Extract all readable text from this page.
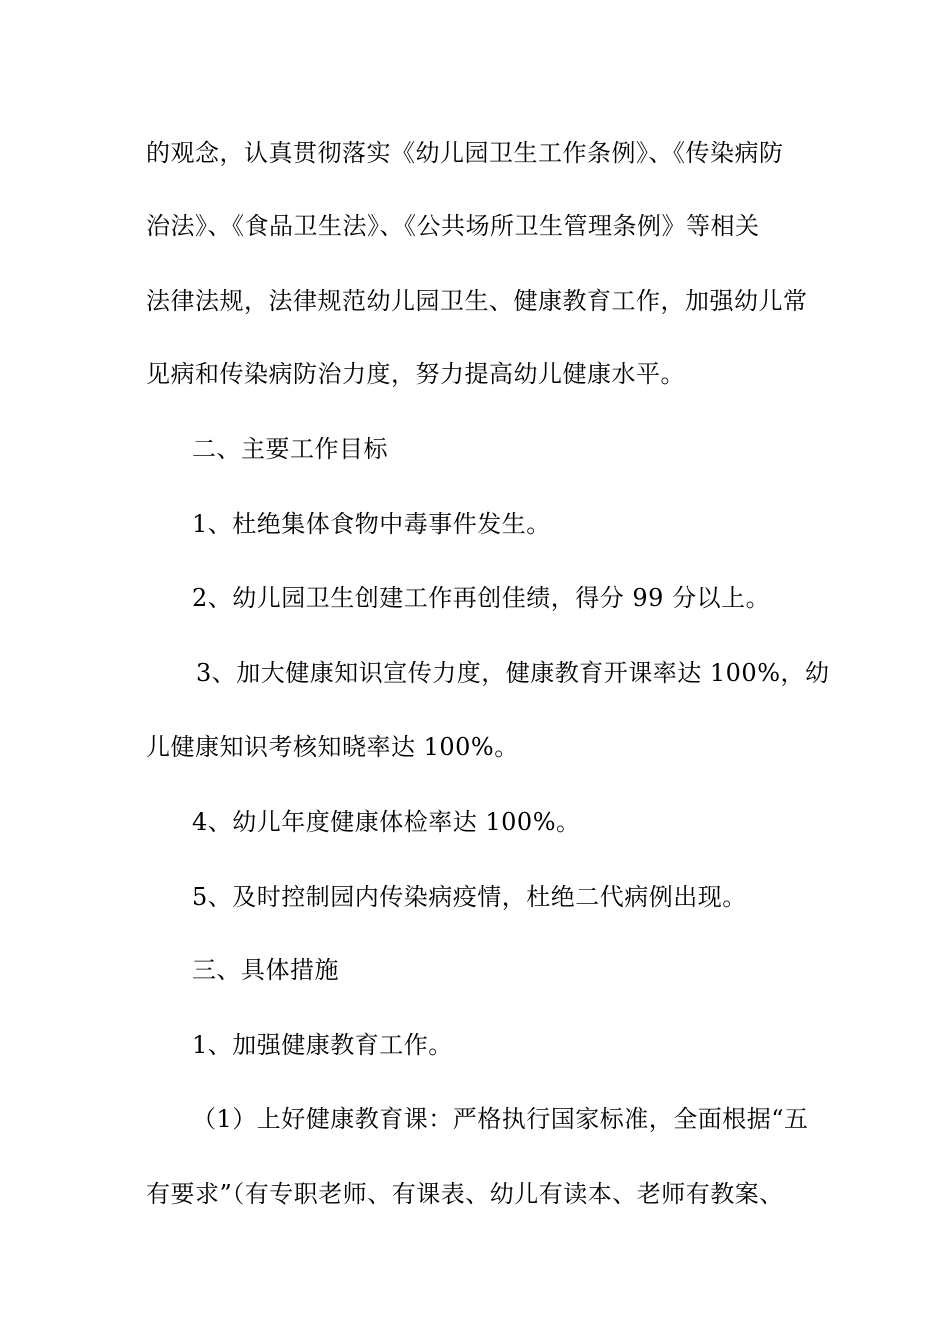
的观念，认真贯彻落实《幼儿园卫生工作条例》、《传染病防

治法》、《食品卫生法》、《公共场所卫生管理条例》等相关

法律法规，法律规范幼儿园卫生、健康教育工作，加强幼儿常

见病和传染病防治力度，努力提高幼儿健康水平。

二、主要工作目标

1、杜绝集体食物中毒事件发生。

2、幼儿园卫生创建工作再创佳绩，得分 99 分以上。

3、加大健康知识宣传力度，健康教育开课率达 100%，幼

儿健康知识考核知晓率达 100%。

4、幼儿年度健康体检率达 100%。

5、及时控制园内传染病疫情，杜绝二代病例出现。

三、具体措施

1、加强健康教育工作。

（1）上好健康教育课：严格执行国家标准，全面根据“五

有要求”（有专职老师、有课表、幼儿有读本、老师有教案、
